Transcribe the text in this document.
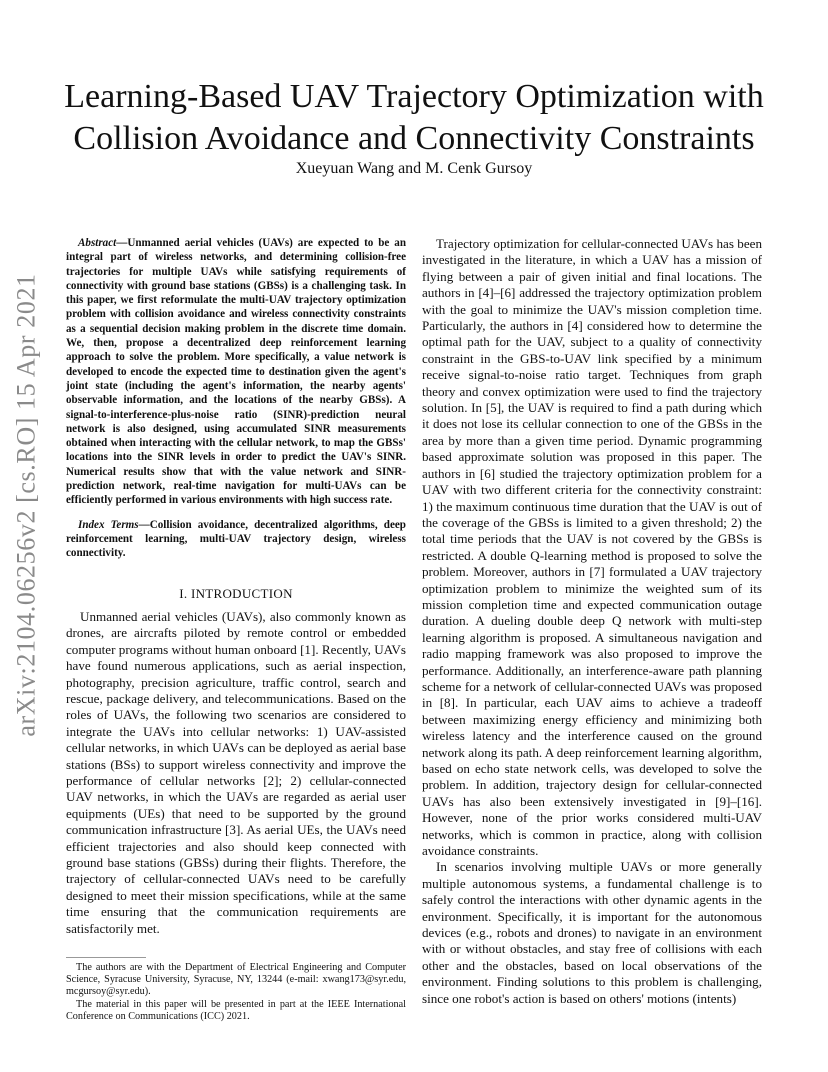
arXiv:2104.06256v2 [cs.RO] 15 Apr 2021
Learning-Based UAV Trajectory Optimization with Collision Avoidance and Connectivity Constraints
Xueyuan Wang and M. Cenk Gursoy

Abstract—Unmanned aerial vehicles (UAVs) are expected to be an integral part of wireless networks, and determining collision-free trajectories for multiple UAVs while satisfying requirements of connectivity with ground base stations (GBSs) is a challenging task. In this paper, we first reformulate the multi-UAV trajectory optimization problem with collision avoidance and wireless connectivity constraints as a sequential decision making problem in the discrete time domain. We, then, propose a decentralized deep reinforcement learning approach to solve the problem. More specifically, a value network is developed to encode the expected time to destination given the agent's joint state (including the agent's information, the nearby agents' observable information, and the locations of the nearby GBSs). A signal-to-interference-plus-noise ratio (SINR)-prediction neural network is also designed, using accumulated SINR measurements obtained when interacting with the cellular network, to map the GBSs' locations into the SINR levels in order to predict the UAV's SINR. Numerical results show that with the value network and SINR-prediction network, real-time navigation for multi-UAVs can be efficiently performed in various environments with high success rate.

Index Terms—Collision avoidance, decentralized algorithms, deep reinforcement learning, multi-UAV trajectory design, wireless connectivity.

I. INTRODUCTION

Unmanned aerial vehicles (UAVs), also commonly known as drones, are aircrafts piloted by remote control or embedded computer programs without human onboard [1]. Recently, UAVs have found numerous applications, such as aerial inspection, photography, precision agriculture, traffic control, search and rescue, package delivery, and telecommunications. Based on the roles of UAVs, the following two scenarios are considered to integrate the UAVs into cellular networks: 1) UAV-assisted cellular networks, in which UAVs can be deployed as aerial base stations (BSs) to support wireless connectivity and improve the performance of cellular networks [2]; 2) cellular-connected UAV networks, in which the UAVs are regarded as aerial user equipments (UEs) that need to be supported by the ground communication infrastructure [3]. As aerial UEs, the UAVs need efficient trajectories and also should keep connected with ground base stations (GBSs) during their flights. Therefore, the trajectory of cellular-connected UAVs need to be carefully designed to meet their mission specifications, while at the same time ensuring that the communication requirements are satisfactorily met.

The authors are with the Department of Electrical Engineering and Computer Science, Syracuse University, Syracuse, NY, 13244 (e-mail: xwang173@syr.edu, mcgursoy@syr.edu).

The material in this paper will be presented in part at the IEEE International Conference on Communications (ICC) 2021.

Trajectory optimization for cellular-connected UAVs has been investigated in the literature, in which a UAV has a mission of flying between a pair of given initial and final locations. The authors in [4]–[6] addressed the trajectory optimization problem with the goal to minimize the UAV's mission completion time. Particularly, the authors in [4] considered how to determine the optimal path for the UAV, subject to a quality of connectivity constraint in the GBS-to-UAV link specified by a minimum receive signal-to-noise ratio target. Techniques from graph theory and convex optimization were used to find the trajectory solution. In [5], the UAV is required to find a path during which it does not lose its cellular connection to one of the GBSs in the area by more than a given time period. Dynamic programming based approximate solution was proposed in this paper. The authors in [6] studied the trajectory optimization problem for a UAV with two different criteria for the connectivity constraint: 1) the maximum continuous time duration that the UAV is out of the coverage of the GBSs is limited to a given threshold; 2) the total time periods that the UAV is not covered by the GBSs is restricted. A double Q-learning method is proposed to solve the problem. Moreover, authors in [7] formulated a UAV trajectory optimization problem to minimize the weighted sum of its mission completion time and expected communication outage duration. A dueling double deep Q network with multi-step learning algorithm is proposed. A simultaneous navigation and radio mapping framework was also proposed to improve the performance. Additionally, an interference-aware path planning scheme for a network of cellular-connected UAVs was proposed in [8]. In particular, each UAV aims to achieve a tradeoff between maximizing energy efficiency and minimizing both wireless latency and the interference caused on the ground network along its path. A deep reinforcement learning algorithm, based on echo state network cells, was developed to solve the problem. In addition, trajectory design for cellular-connected UAVs has also been extensively investigated in [9]–[16]. However, none of the prior works considered multi-UAV networks, which is common in practice, along with collision avoidance constraints.

In scenarios involving multiple UAVs or more generally multiple autonomous systems, a fundamental challenge is to safely control the interactions with other dynamic agents in the environment. Specifically, it is important for the autonomous devices (e.g., robots and drones) to navigate in an environment with or without obstacles, and stay free of collisions with each other and the obstacles, based on local observations of the environment. Finding solutions to this problem is challenging, since one robot's action is based on others' motions (intents)
